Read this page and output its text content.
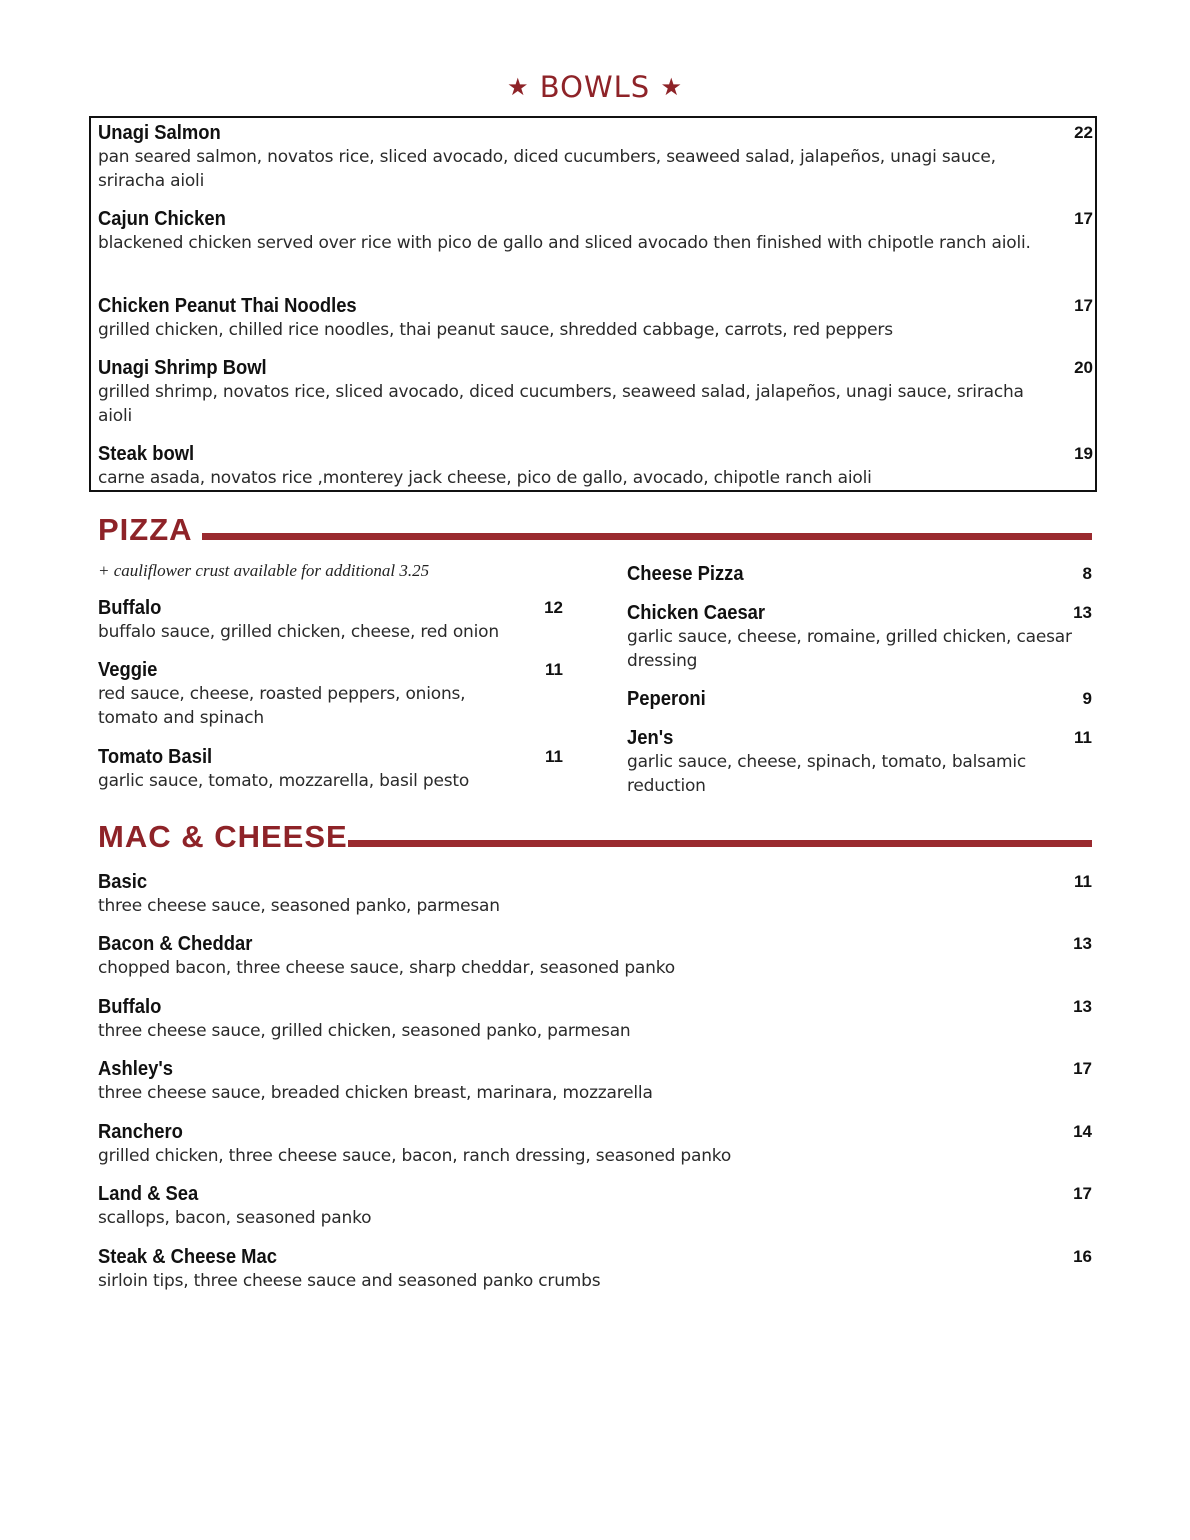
★ BOWLS ★
Unagi Salmon	22
pan seared salmon, novatos rice, sliced avocado, diced cucumbers, seaweed salad, jalapeños, unagi sauce, sriracha aioli
Cajun Chicken	17
blackened chicken served over rice with pico de gallo and sliced avocado then finished with chipotle ranch aioli.
Chicken Peanut Thai Noodles	17
grilled chicken, chilled rice noodles, thai peanut sauce, shredded cabbage, carrots, red peppers
Unagi Shrimp Bowl	20
grilled shrimp, novatos rice, sliced avocado, diced cucumbers, seaweed salad, jalapeños, unagi sauce, sriracha aioli
Steak bowl	19
carne asada, novatos rice ,monterey jack cheese, pico de gallo, avocado, chipotle ranch aioli
PIZZA
+ cauliflower crust available for additional 3.25
Buffalo	12
buffalo sauce, grilled chicken, cheese, red onion
Veggie	11
red sauce, cheese, roasted peppers, onions, tomato and spinach
Tomato Basil	11
garlic sauce, tomato, mozzarella, basil pesto
Cheese Pizza	8
Chicken Caesar	13
garlic sauce, cheese, romaine, grilled chicken, caesar dressing
Peperoni	9
Jen's	11
garlic sauce, cheese, spinach, tomato, balsamic reduction
MAC & CHEESE
Basic	11
three cheese sauce, seasoned panko, parmesan
Bacon & Cheddar	13
chopped bacon, three cheese sauce, sharp cheddar, seasoned panko
Buffalo	13
three cheese sauce, grilled chicken, seasoned panko, parmesan
Ashley's	17
three cheese sauce, breaded chicken breast, marinara, mozzarella
Ranchero	14
grilled chicken, three cheese sauce, bacon, ranch dressing, seasoned panko
Land & Sea	17
scallops, bacon, seasoned panko
Steak & Cheese Mac	16
sirloin tips, three cheese sauce and seasoned panko crumbs
